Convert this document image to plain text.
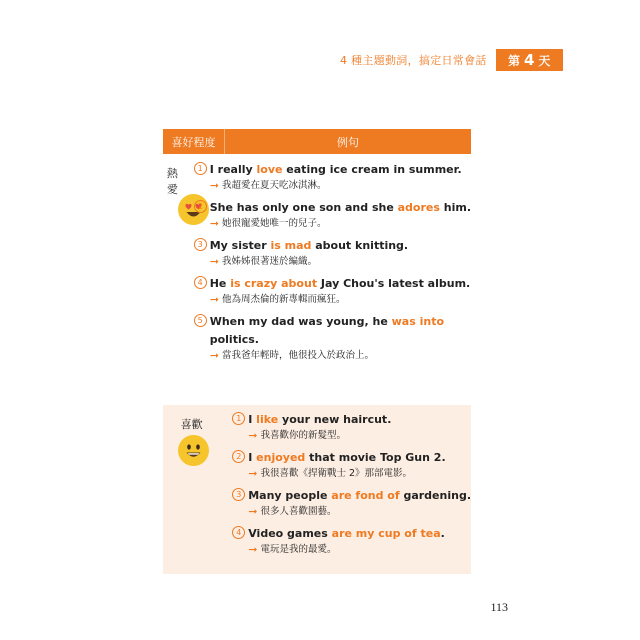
4 種主題動詞，搞定日常會話 第 4 天
喜好程度	例句
熱愛
1 I really love eating ice cream in summer.
➞ 我超愛在夏天吃冰淇淋。
2 She has only one son and she adores him.
➞ 她很寵愛她唯一的兒子。
3 My sister is mad about knitting.
➞ 我姊姊很著迷於編織。
4 He is crazy about Jay Chou's latest album.
➞ 他為周杰倫的新專輯而瘋狂。
5 When my dad was young, he was into
politics.
➞ 當我爸年輕時，他很投入於政治上。
喜歡	1 I like your new haircut.
➞ 我喜歡你的新髮型。
2 I enjoyed that movie Top Gun 2.
➞ 我很喜歡《捍衛戰士 2》那部電影。
3 Many people are fond of gardening.
➞ 很多人喜歡園藝。
4 Video games are my cup of tea.
➞ 電玩是我的最愛。
113
